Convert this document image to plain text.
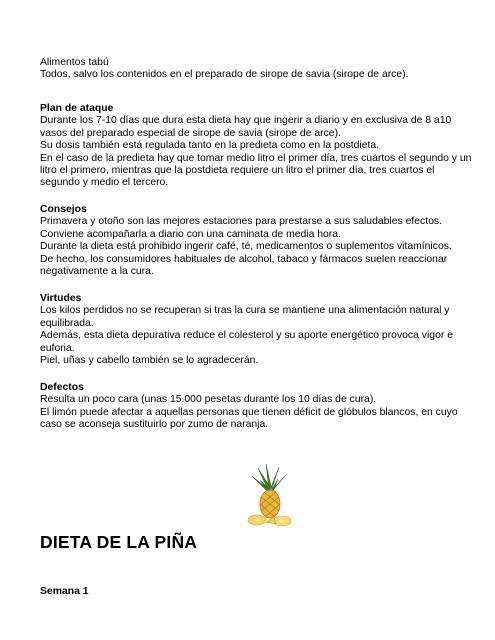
Alimentos tabú
Todos, salvo los contenidos en el preparado de sirope de savia (sirope de arce).

Plan de ataque

Durante los 7-10 días que dura esta dieta hay que ingerir a diario y en exclusiva de 8 a10
vasos del preparado especial de sirope de savia (sirope de arce).
Su dosis también está regulada tanto en la predieta como en la postdieta.
En el caso de la predieta hay que tomar medio litro el primer día, tres cuartos el segundo y un
litro el primero, mientras que la postdieta requiere un litro el primer día, tres cuartos el
segundo y medio el tercero.

Consejos

Primavera y otoño son las mejores estaciones para prestarse a sus saludables efectos.
Conviene acompañarla a diario con una caminata de media hora.
Durante la dieta está prohibido ingerir café, té, medicamentos o suplementos vitamínicos.
De hecho, los consumidores habituales de alcohol, tabaco y fármacos suelen reaccionar
negativamente a la cura.

Virtudes

Los kilos perdidos no se recuperan si tras la cura se mantiene una alimentación natural y
equilibrada.
Además, esta dieta depurativa reduce el colesterol y su aporte energético provoca vigor e
euforia.
Piel, uñas y cabello también se lo agradecerán.

Defectos

Resulta un poco cara (unas 15.000 pesetas durante los 10 días de cura).
El limón puede afectar a aquellas personas que tienen déficit de glóbulos blancos, en cuyo
caso se aconseja sustituirlo por zumo de naranja.

DIETA DE LA PIÑA
Semana 1
